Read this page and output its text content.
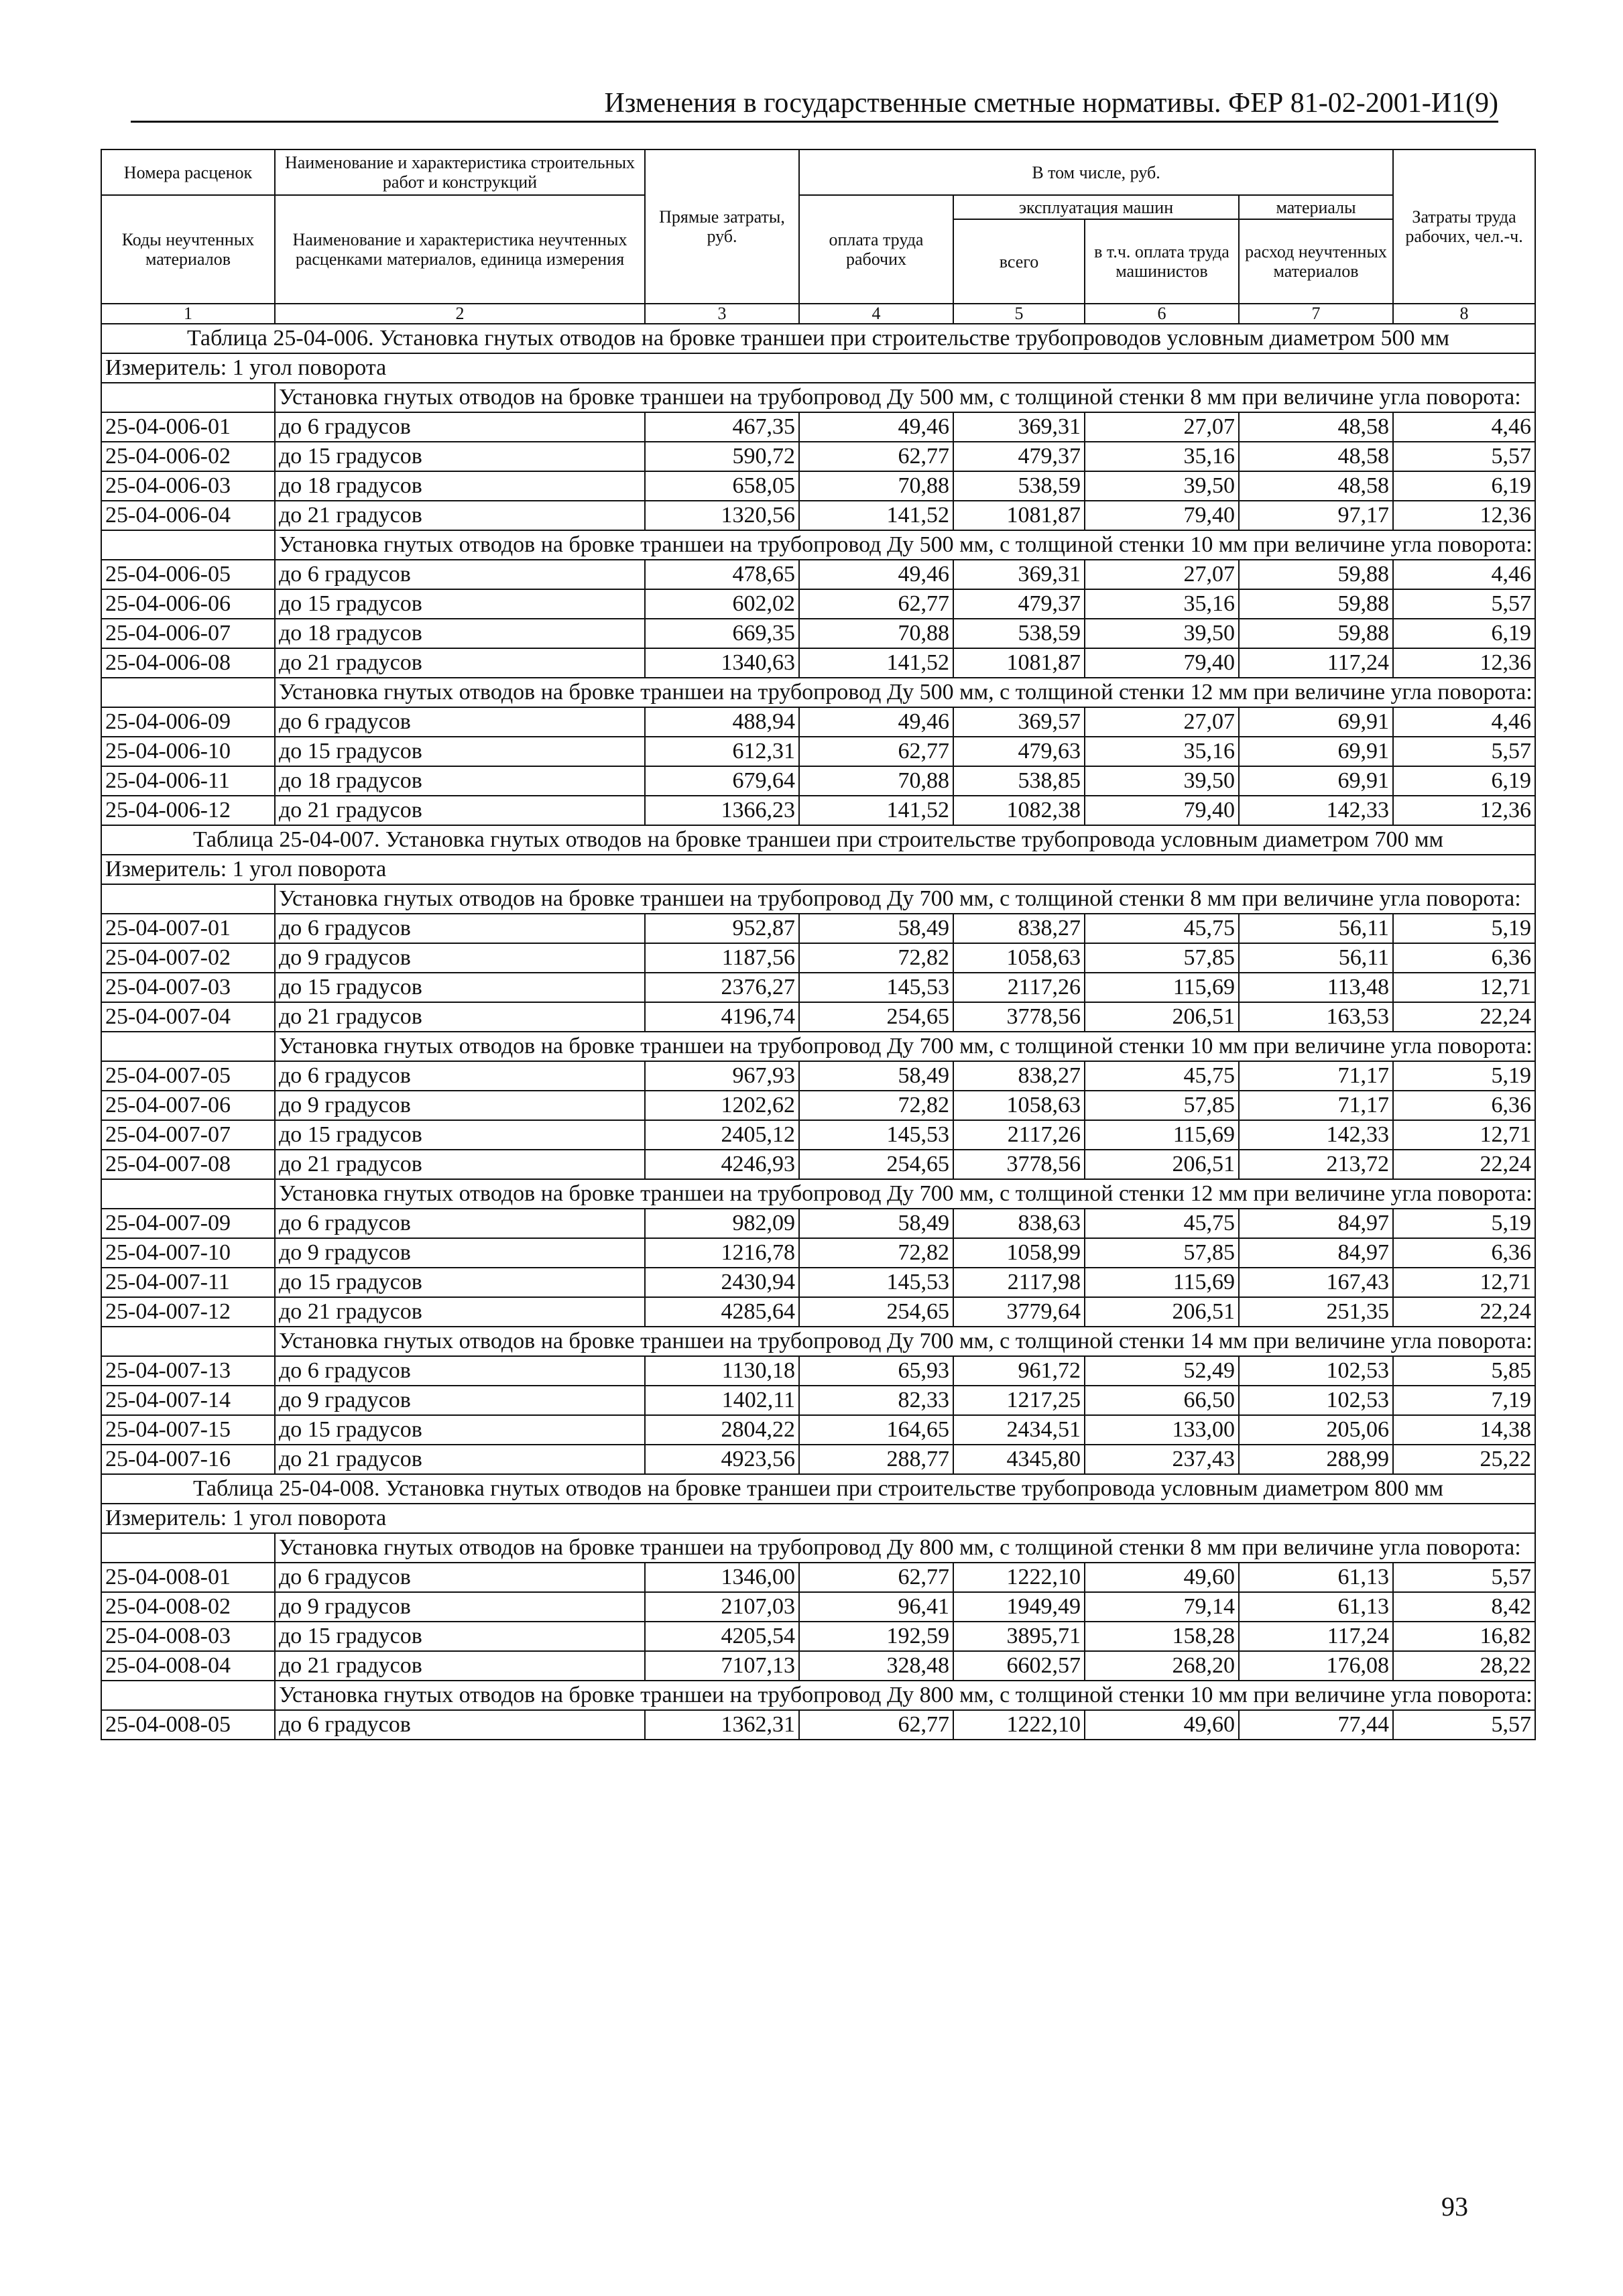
Изменения в государственные сметные нормативы. ФЕР 81-02-2001-И1(9)
Номера расценок	Наименование и характеристика строительных работ и конструкций	Прямые затраты, руб.	В том числе, руб.				Затраты труда рабочих, чел.-ч.
Коды неучтенных материалов	Наименование и характеристика неучтенных расценками материалов, единица измерения		оплата труда рабочих	эксплуатация машин		материалы	
				всего	в т.ч. оплата труда машинистов	расход неучтенных материалов	
1	2	3	4	5	6	7	8
Таблица 25-04-006. Установка гнутых отводов на бровке траншеи при строительстве трубопроводов условным диаметром 500 мм							
Измеритель: 1 угол поворота							
	Установка гнутых отводов на бровке траншеи на трубопровод Ду 500 мм, с толщиной стенки 8 мм при величине угла поворота:						
25-04-006-01	до 6 градусов	467,35	49,46	369,31	27,07	48,58	4,46
25-04-006-02	до 15 градусов	590,72	62,77	479,37	35,16	48,58	5,57
25-04-006-03	до 18 градусов	658,05	70,88	538,59	39,50	48,58	6,19
25-04-006-04	до 21 градусов	1320,56	141,52	1081,87	79,40	97,17	12,36
	Установка гнутых отводов на бровке траншеи на трубопровод Ду 500 мм, с толщиной стенки 10 мм при величине угла поворота:						
25-04-006-05	до 6 градусов	478,65	49,46	369,31	27,07	59,88	4,46
25-04-006-06	до 15 градусов	602,02	62,77	479,37	35,16	59,88	5,57
25-04-006-07	до 18 градусов	669,35	70,88	538,59	39,50	59,88	6,19
25-04-006-08	до 21 градусов	1340,63	141,52	1081,87	79,40	117,24	12,36
	Установка гнутых отводов на бровке траншеи на трубопровод Ду 500 мм, с толщиной стенки 12 мм при величине угла поворота:						
25-04-006-09	до 6 градусов	488,94	49,46	369,57	27,07	69,91	4,46
25-04-006-10	до 15 градусов	612,31	62,77	479,63	35,16	69,91	5,57
25-04-006-11	до 18 градусов	679,64	70,88	538,85	39,50	69,91	6,19
25-04-006-12	до 21 градусов	1366,23	141,52	1082,38	79,40	142,33	12,36
Таблица 25-04-007. Установка гнутых отводов на бровке траншеи при строительстве трубопровода условным диаметром 700 мм							
Измеритель: 1 угол поворота							
	Установка гнутых отводов на бровке траншеи на трубопровод Ду 700 мм, с толщиной стенки 8 мм при величине угла поворота:						
25-04-007-01	до 6 градусов	952,87	58,49	838,27	45,75	56,11	5,19
25-04-007-02	до 9 градусов	1187,56	72,82	1058,63	57,85	56,11	6,36
25-04-007-03	до 15 градусов	2376,27	145,53	2117,26	115,69	113,48	12,71
25-04-007-04	до 21 градусов	4196,74	254,65	3778,56	206,51	163,53	22,24
	Установка гнутых отводов на бровке траншеи на трубопровод Ду 700 мм, с толщиной стенки 10 мм при величине угла поворота:						
25-04-007-05	до 6 градусов	967,93	58,49	838,27	45,75	71,17	5,19
25-04-007-06	до 9 градусов	1202,62	72,82	1058,63	57,85	71,17	6,36
25-04-007-07	до 15 градусов	2405,12	145,53	2117,26	115,69	142,33	12,71
25-04-007-08	до 21 градусов	4246,93	254,65	3778,56	206,51	213,72	22,24
	Установка гнутых отводов на бровке траншеи на трубопровод Ду 700 мм, с толщиной стенки 12 мм при величине угла поворота:						
25-04-007-09	до 6 градусов	982,09	58,49	838,63	45,75	84,97	5,19
25-04-007-10	до 9 градусов	1216,78	72,82	1058,99	57,85	84,97	6,36
25-04-007-11	до 15 градусов	2430,94	145,53	2117,98	115,69	167,43	12,71
25-04-007-12	до 21 градусов	4285,64	254,65	3779,64	206,51	251,35	22,24
	Установка гнутых отводов на бровке траншеи на трубопровод Ду 700 мм, с толщиной стенки 14 мм при величине угла поворота:						
25-04-007-13	до 6 градусов	1130,18	65,93	961,72	52,49	102,53	5,85
25-04-007-14	до 9 градусов	1402,11	82,33	1217,25	66,50	102,53	7,19
25-04-007-15	до 15 градусов	2804,22	164,65	2434,51	133,00	205,06	14,38
25-04-007-16	до 21 градусов	4923,56	288,77	4345,80	237,43	288,99	25,22
Таблица 25-04-008. Установка гнутых отводов на бровке траншеи при строительстве трубопровода условным диаметром 800 мм							
Измеритель: 1 угол поворота							
	Установка гнутых отводов на бровке траншеи на трубопровод Ду 800 мм, с толщиной стенки 8 мм при величине угла поворота:						
25-04-008-01	до 6 градусов	1346,00	62,77	1222,10	49,60	61,13	5,57
25-04-008-02	до 9 градусов	2107,03	96,41	1949,49	79,14	61,13	8,42
25-04-008-03	до 15 градусов	4205,54	192,59	3895,71	158,28	117,24	16,82
25-04-008-04	до 21 градусов	7107,13	328,48	6602,57	268,20	176,08	28,22
	Установка гнутых отводов на бровке траншеи на трубопровод Ду 800 мм, с толщиной стенки 10 мм при величине угла поворота:						
25-04-008-05	до 6 градусов	1362,31	62,77	1222,10	49,60	77,44	5,57
93
